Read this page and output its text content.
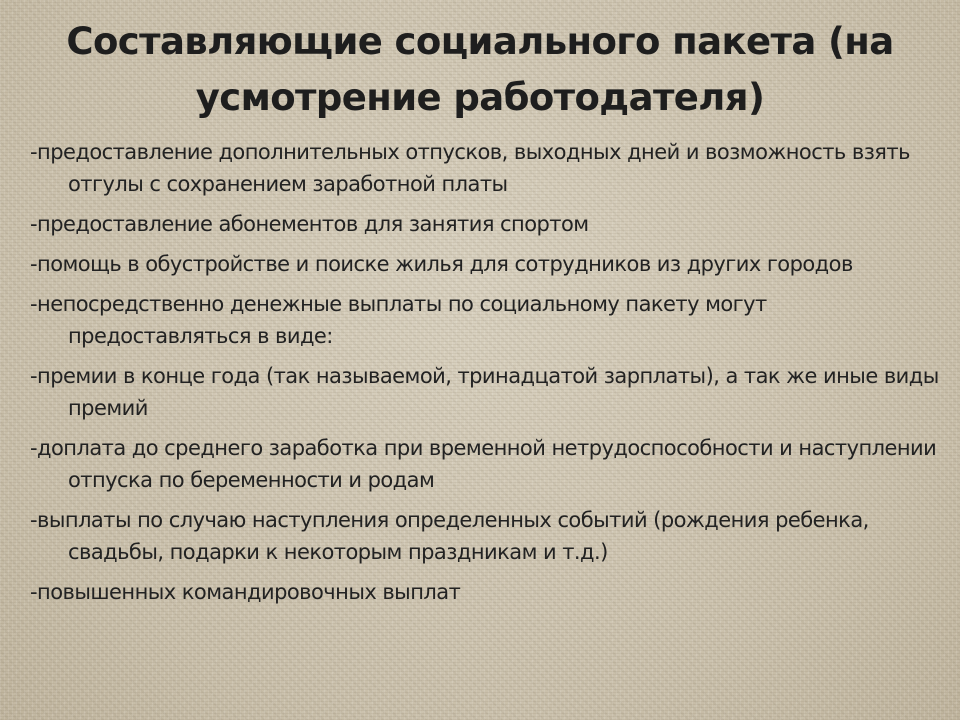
Составляющие социального пакета (на усмотрение работодателя)
-предоставление дополнительных отпусков, выходных дней и возможность взять отгулы с сохранением заработной платы
-предоставление абонементов для занятия спортом
-помощь в обустройстве и поиске жилья для сотрудников из других городов
-непосредственно денежные выплаты по социальному пакету могут предоставляться в виде:
-премии в конце года (так называемой, тринадцатой зарплаты), а так же иные виды премий
-доплата до среднего заработка при временной нетрудоспособности и наступлении отпуска по беременности и родам
-выплаты по случаю наступления определенных событий (рождения ребенка, свадьбы, подарки к некоторым праздникам и т.д.)
-повышенных командировочных выплат
